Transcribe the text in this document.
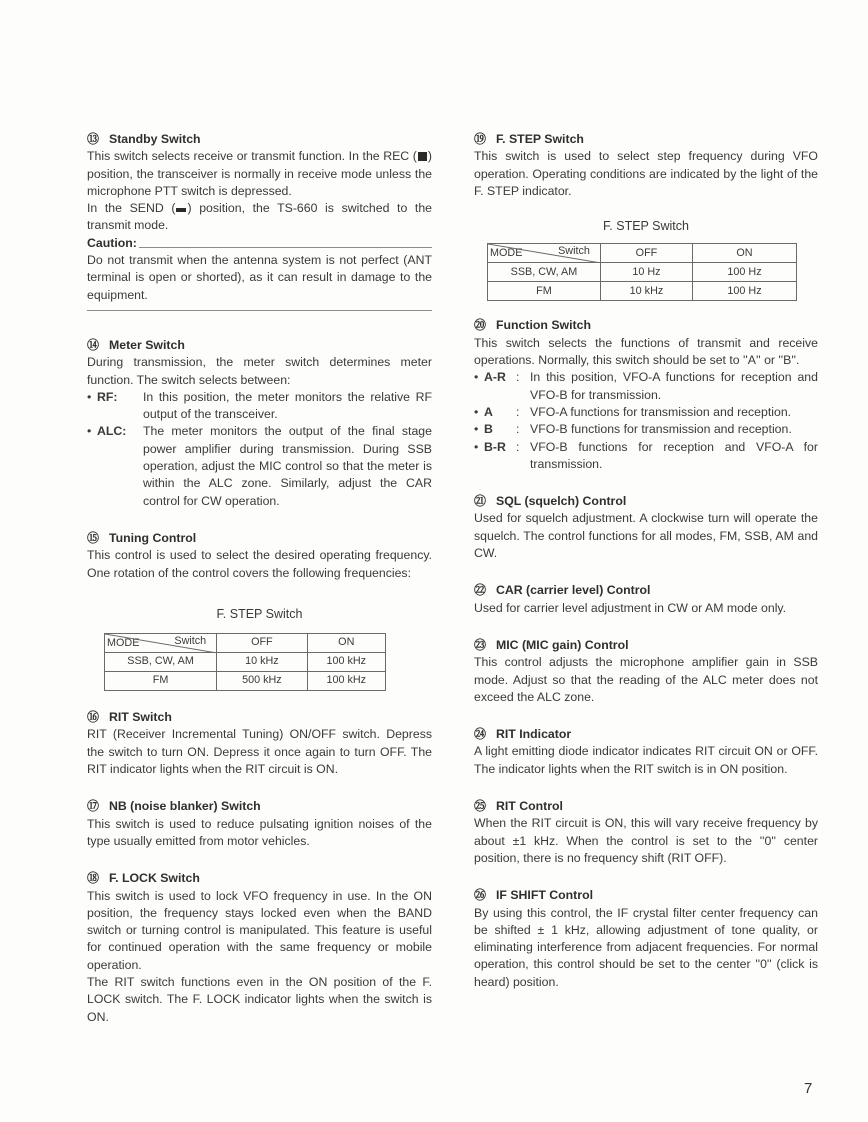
⑬ Standby Switch

This switch selects receive or transmit function. In the REC ( ) position, the transceiver is normally in receive mode unless the microphone PTT switch is depressed.

In the SEND ( ) position, the TS-660 is switched to the transmit mode.

Caution:

Do not transmit when the antenna system is not perfect (ANT terminal is open or shorted), as it can result in damage to the equipment.

⑭ Meter Switch

During transmission, the meter switch determines meter function. The switch selects between:

• RF:	In this position, the meter monitors the relative RF output of the transceiver.
• ALC:	The meter monitors the output of the final stage power amplifier during transmission. During SSB operation, adjust the MIC control so that the meter is within the ALC zone. Similarly, adjust the CAR control for CW operation.
⑮ Tuning Control

This control is used to select the desired operating frequency. One rotation of the control covers the following frequencies:

F. STEP Switch
MODE Switch	OFF	ON
SSB, CW, AM	10 kHz	100 kHz
FM	500 kHz	100 kHz
⑯ RIT Switch

RIT (Receiver Incremental Tuning) ON/OFF switch. Depress the switch to turn ON. Depress it once again to turn OFF. The RIT indicator lights when the RIT circuit is ON.

⑰ NB (noise blanker) Switch

This switch is used to reduce pulsating ignition noises of the type usually emitted from motor vehicles.

⑱ F. LOCK Switch

This switch is used to lock VFO frequency in use. In the ON position, the frequency stays locked even when the BAND switch or turning control is manipulated. This feature is useful for continued operation with the same frequency or mobile operation.

The RIT switch functions even in the ON position of the F. LOCK switch. The F. LOCK indicator lights when the switch is ON.

⑲ F. STEP Switch

This switch is used to select step frequency during VFO operation. Operating conditions are indicated by the light of the F. STEP indicator.

F. STEP Switch
MODE Switch	OFF	ON
SSB, CW, AM	10 Hz	100 Hz
FM	10 kHz	100 Hz
⑳ Function Switch

This switch selects the functions of transmit and receive operations. Normally, this switch should be set to ''A'' or ''B''.

• A-R : In this position, VFO-A functions for reception and VFO-B for transmission.
• A	: VFO-A functions for transmission and reception.
• B	: VFO-B functions for transmission and reception.
• B-R : VFO-B functions for reception and VFO-A for transmission.
㉑ SQL (squelch) Control

Used for squelch adjustment. A clockwise turn will operate the squelch. The control functions for all modes, FM, SSB, AM and CW.

㉒ CAR (carrier level) Control

Used for carrier level adjustment in CW or AM mode only.

㉓ MIC (MIC gain) Control

This control adjusts the microphone amplifier gain in SSB mode. Adjust so that the reading of the ALC meter does not exceed the ALC zone.

㉔ RIT Indicator

A light emitting diode indicator indicates RIT circuit ON or OFF. The indicator lights when the RIT switch is in ON position.

㉕ RIT Control

When the RIT circuit is ON, this will vary receive frequency by about ±1 kHz. When the control is set to the ''0'' center position, there is no frequency shift (RIT OFF).

㉖ IF SHIFT Control

By using this control, the IF crystal filter center frequency can be shifted ± 1 kHz, allowing adjustment of tone quality, or eliminating interference from adjacent frequencies. For normal operation, this control should be set to the center ''0'' (click is heard) position.

7
